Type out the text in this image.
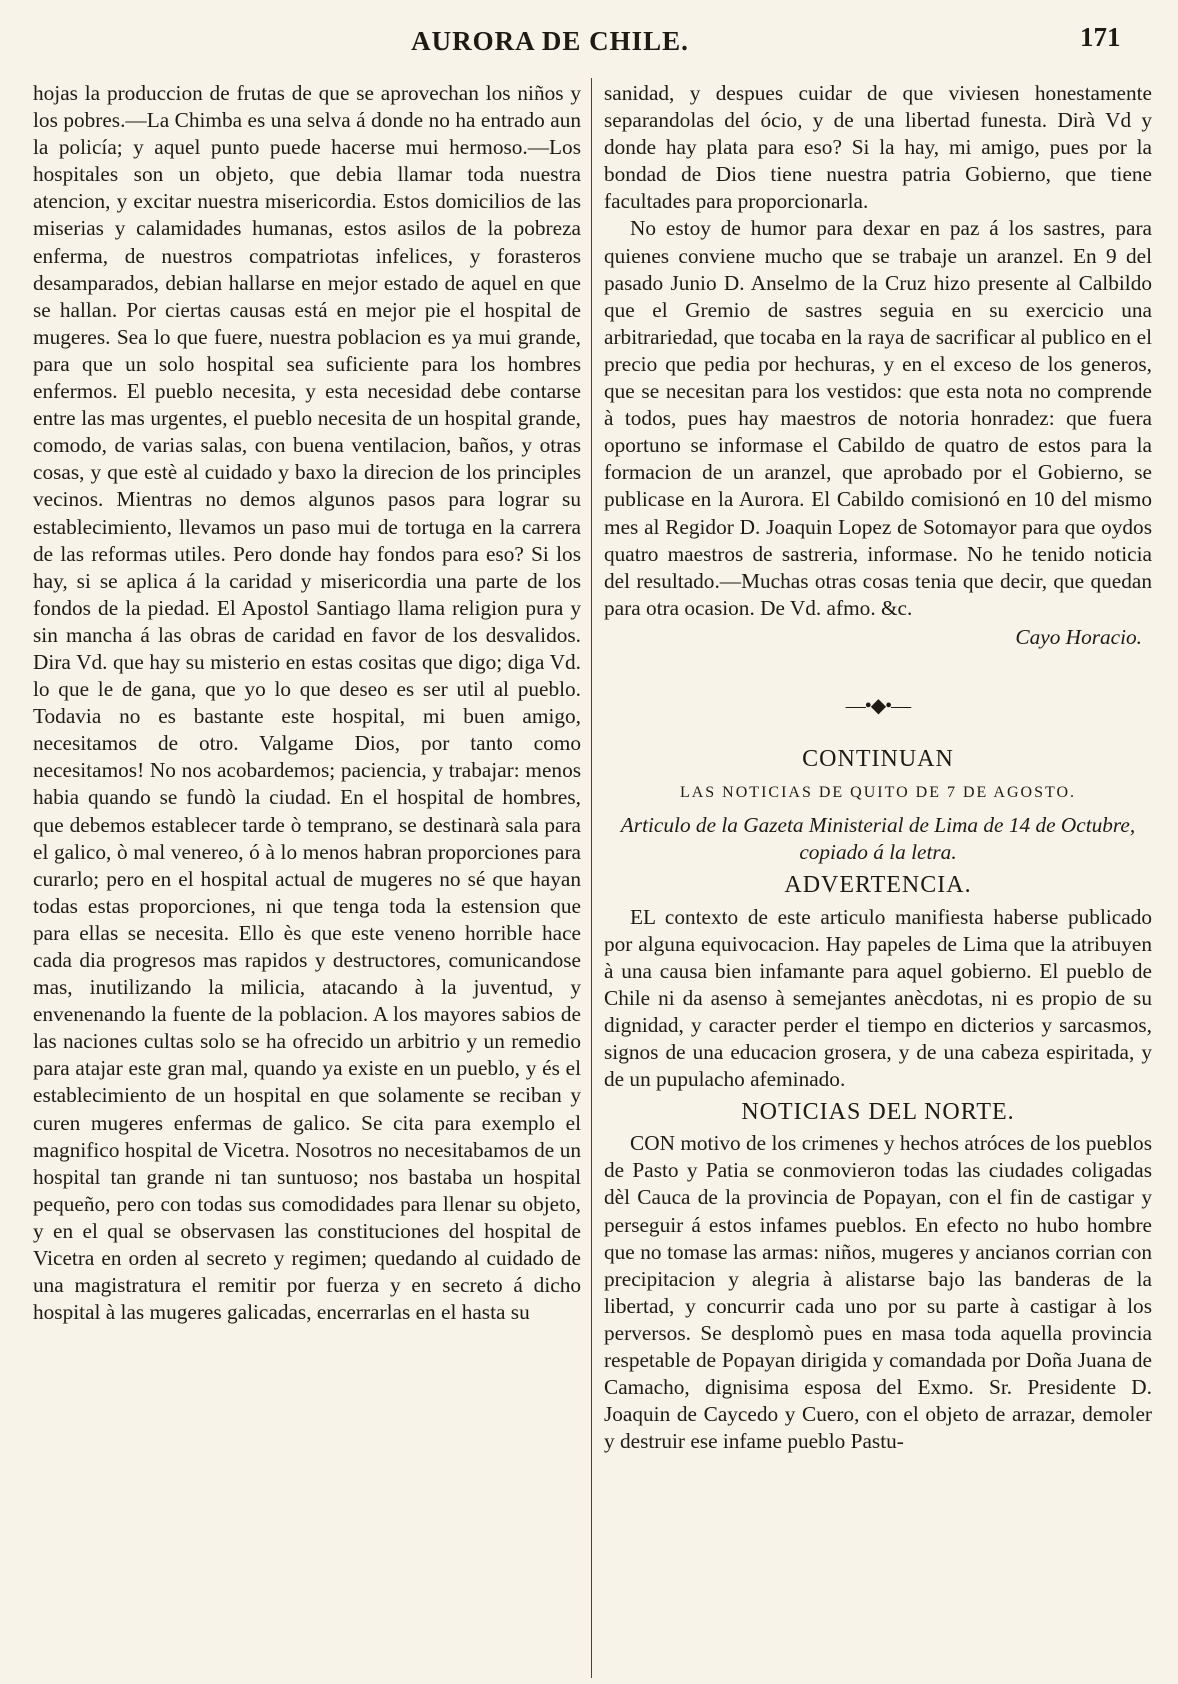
AURORA DE CHILE.	171

hojas la produccion de frutas de que se aprovechan los niños y los pobres.—La Chimba es una selva á donde no ha entrado aun la policía; y aquel punto puede hacerse mui hermoso.—Los hospitales son un objeto, que debia llamar toda nuestra atencion, y excitar nuestra misericordia. Estos domicilios de las miserias y calamidades humanas, estos asilos de la pobreza enferma, de nuestros compatriotas infelices, y forasteros desamparados, debian hallarse en mejor estado de aquel en que se hallan. Por ciertas causas está en mejor pie el hospital de mugeres. Sea lo que fuere, nuestra poblacion es ya mui grande, para que un solo hospital sea suficiente para los hombres enfermos. El pueblo necesita, y esta necesidad debe contarse entre las mas urgentes, el pueblo necesita de un hospital grande, comodo, de varias salas, con buena ventilacion, baños, y otras cosas, y que estè al cuidado y baxo la direcion de los principles vecinos. Mientras no demos algunos pasos para lograr su establecimiento, llevamos un paso mui de tortuga en la carrera de las reformas utiles. Pero donde hay fondos para eso? Si los hay, si se aplica á la caridad y misericordia una parte de los fondos de la piedad. El Apostol Santiago llama religion pura y sin mancha á las obras de caridad en favor de los desvalidos. Dira Vd. que hay su misterio en estas cositas que digo; diga Vd. lo que le de gana, que yo lo que deseo es ser util al pueblo. Todavia no es bastante este hospital, mi buen amigo, necesitamos de otro. Valgame Dios, por tanto como necesitamos! No nos acobardemos; paciencia, y trabajar: menos habia quando se fundò la ciudad. En el hospital de hombres, que debemos establecer tarde ò temprano, se destinarà sala para el galico, ò mal venereo, ó à lo menos habran proporciones para curarlo; pero en el hospital actual de mugeres no sé que hayan todas estas proporciones, ni que tenga toda la estension que para ellas se necesita. Ello ès que este veneno horrible hace cada dia progresos mas rapidos y destructores, comunicandose mas, inutilizando la milicia, atacando à la juventud, y envenenando la fuente de la poblacion. A los mayores sabios de las naciones cultas solo se ha ofrecido un arbitrio y un remedio para atajar este gran mal, quando ya existe en un pueblo, y és el establecimiento de un hospital en que solamente se reciban y curen mugeres enfermas de galico. Se cita para exemplo el magnifico hospital de Vicetra. Nosotros no necesitabamos de un hospital tan grande ni tan suntuoso; nos bastaba un hospital pequeño, pero con todas sus comodidades para llenar su objeto, y en el qual se observasen las constituciones del hospital de Vicetra en orden al secreto y regimen; quedando al cuidado de una magistratura el remitir por fuerza y en secreto á dicho hospital à las mugeres galicadas, encerrarlas en el hasta su

sanidad, y despues cuidar de que viviesen honestamente separandolas del ócio, y de una libertad funesta. Dirà Vd y donde hay plata para eso? Si la hay, mi amigo, pues por la bondad de Dios tiene nuestra patria Gobierno, que tiene facultades para proporcionarla.

No estoy de humor para dexar en paz á los sastres, para quienes conviene mucho que se trabaje un aranzel. En 9 del pasado Junio D. Anselmo de la Cruz hizo presente al Calbildo que el Gremio de sastres seguia en su exercicio una arbitrariedad, que tocaba en la raya de sacrificar al publico en el precio que pedia por hechuras, y en el exceso de los generos, que se necesitan para los vestidos: que esta nota no comprende à todos, pues hay maestros de notoria honradez: que fuera oportuno se informase el Cabildo de quatro de estos para la formacion de un aranzel, que aprobado por el Gobierno, se publicase en la Aurora. El Cabildo comisionó en 10 del mismo mes al Regidor D. Joaquin Lopez de Sotomayor para que oydos quatro maestros de sastreria, informase. No he tenido noticia del resultado.—Muchas otras cosas tenia que decir, que quedan para otra ocasion. De Vd. afmo. &c.

Cayo Horacio.

—•◆•—

CONTINUAN

LAS NOTICIAS DE QUITO DE 7 DE AGOSTO.

Articulo de la Gazeta Ministerial de Lima de 14 de Octubre, copiado á la letra.

ADVERTENCIA.

EL contexto de este articulo manifiesta haberse publicado por alguna equivocacion. Hay papeles de Lima que la atribuyen à una causa bien infamante para aquel gobierno. El pueblo de Chile ni da asenso à semejantes anècdotas, ni es propio de su dignidad, y caracter perder el tiempo en dicterios y sarcasmos, signos de una educacion grosera, y de una cabeza espiritada, y de un pupulacho afeminado.

NOTICIAS DEL NORTE.

CON motivo de los crimenes y hechos atróces de los pueblos de Pasto y Patia se conmovieron todas las ciudades coligadas dèl Cauca de la provincia de Popayan, con el fin de castigar y perseguir á estos infames pueblos. En efecto no hubo hombre que no tomase las armas: niños, mugeres y ancianos corrian con precipitacion y alegria à alistarse bajo las banderas de la libertad, y concurrir cada uno por su parte à castigar à los perversos. Se desplomò pues en masa toda aquella provincia respetable de Popayan dirigida y comandada por Doña Juana de Camacho, dignisima esposa del Exmo. Sr. Presidente D. Joaquin de Caycedo y Cuero, con el objeto de arrazar, demoler y destruir ese infame pueblo Pastu-
